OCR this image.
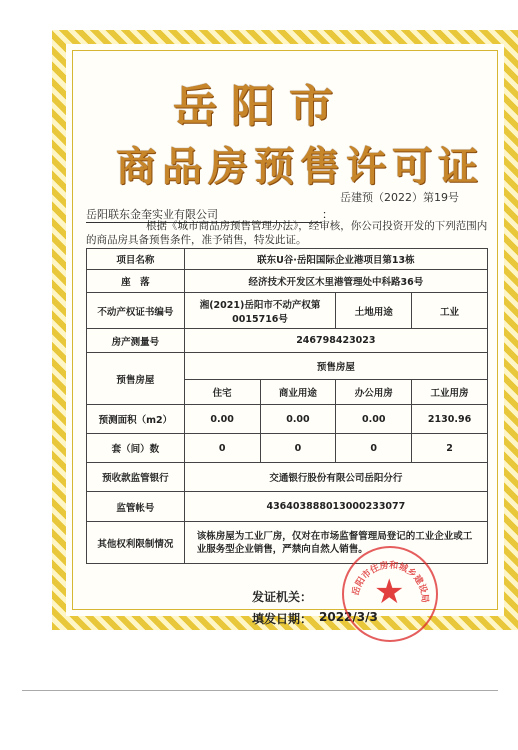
岳阳市
商品房预售许可证
岳建预（2022）第19号
岳阳联东金奎实业有限公司	：
根据《城市商品房预售管理办法》，经审核，你公司投资开发的下列范围内的商品房具备预售条件，准予销售，特发此证。
项目名称	联东U谷·岳阳国际企业港项目第13栋			
座　落	经济技术开发区木里港管理处中科路36号			
不动产权证书编号	湘(2021)岳阳市不动产权第0015716号		土地用途	工业
房产测量号	246798423023			
预售房屋	预售房屋			
	住宅	商业用途	办公用房	工业用房
预测面积（m2）	0.00	0.00	0.00	2130.96
套（间）数	0	0	0	2
预收款监管银行	交通银行股份有限公司岳阳分行			
监管帐号	436403888013000233077			
其他权利限制情况	该栋房屋为工业厂房，仅对在市场监督管理局登记的工业企业或工业服务型企业销售，严禁向自然人销售。			
发证机关：
填发日期： 2022/3/3
岳阳市住房和城乡建设局
★
